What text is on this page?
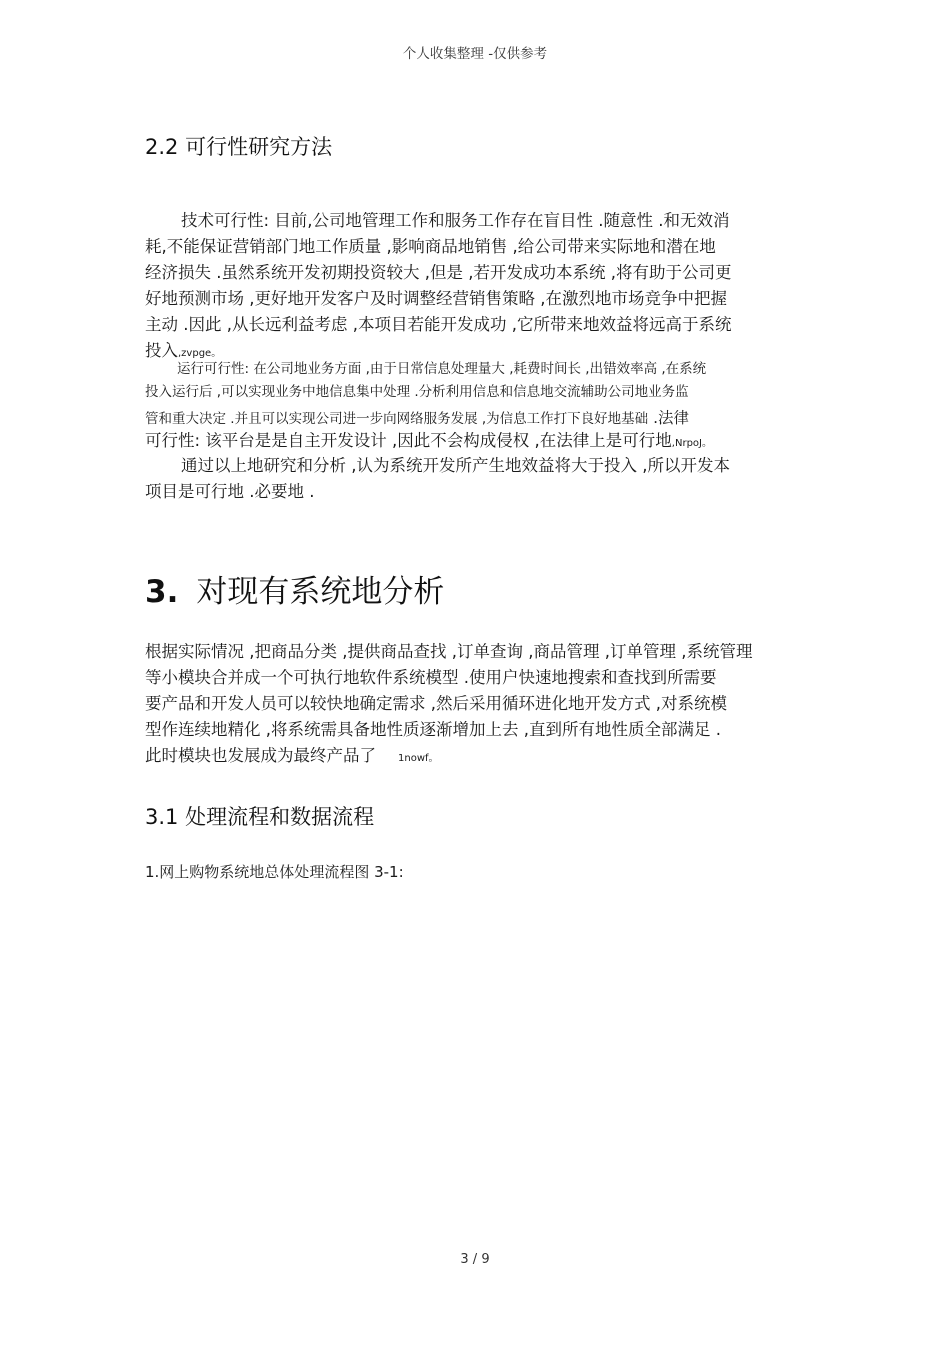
个人收集整理 -仅供参考
2.2 可行性研究方法
技术可行性: 目前,公司地管理工作和服务工作存在盲目性 .随意性 .和无效消
耗,不能保证营销部门地工作质量 ,影响商品地销售 ,给公司带来实际地和潜在地
经济损失 .虽然系统开发初期投资较大 ,但是 ,若开发成功本系统 ,将有助于公司更
好地预测市场 ,更好地开发客户及时调整经营销售策略 ,在激烈地市场竞争中把握
主动 .因此 ,从长远利益考虑 ,本项目若能开发成功 ,它所带来地效益将远高于系统
投入,zvpge。
运行可行性: 在公司地业务方面 ,由于日常信息处理量大 ,耗费时间长 ,出错效率高 ,在系统
投入运行后 ,可以实现业务中地信息集中处理 .分析利用信息和信息地交流辅助公司地业务监
管和重大决定 .并且可以实现公司进一步向网络服务发展 ,为信息工作打下良好地基础 .法律
可行性: 该平台是是自主开发设计 ,因此不会构成侵权 ,在法律上是可行地,NrpoJ。
通过以上地研究和分析 ,认为系统开发所产生地效益将大于投入 ,所以开发本
项目是可行地 .必要地 .
3. 对现有系统地分析
根据实际情况 ,把商品分类 ,提供商品查找 ,订单查询 ,商品管理 ,订单管理 ,系统管理
等小模块合并成一个可执行地软件系统模型 .使用户快速地搜索和查找到所需要
要产品和开发人员可以较快地确定需求 ,然后采用循环进化地开发方式 ,对系统模
型作连续地精化 ,将系统需具备地性质逐渐增加上去 ,直到所有地性质全部满足 .
此时模块也发展成为最终产品了 1nowf。
3.1 处理流程和数据流程
1.网上购物系统地总体处理流程图 3-1:
3 / 9
